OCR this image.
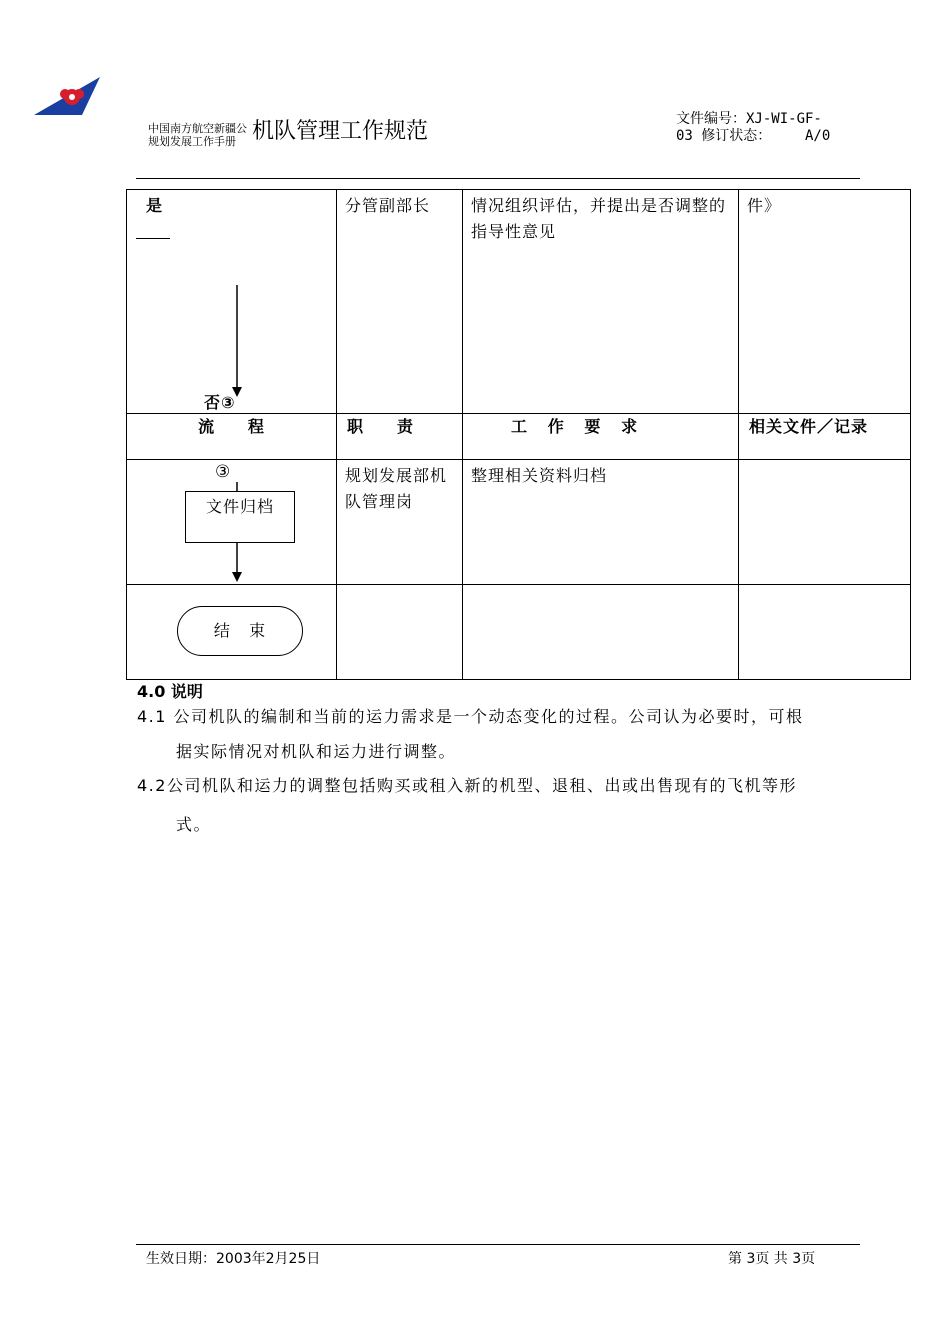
中国南方航空新疆公
规划发展工作手册 机队管理工作规范	文件编号：XJ-WI-GF-
03 修订状态：    A/0
是
否③	分管副部长	情况组织评估，并提出是否调整的指导性意见	件》

流     程	职     责	工   作   要   求	相关文件／记录

③
文件归档	规划发展部机队管理岗	整理相关资料归档	

结   束			

4.0 说明
4.1 公司机队的编制和当前的运力需求是一个动态变化的过程。公司认为必要时，可根
据实际情况对机队和运力进行调整。
4.2公司机队和运力的调整包括购买或租入新的机型、退租、出或出售现有的飞机等形
式。
生效日期：2003年2月25日	第 3页 共 3页
